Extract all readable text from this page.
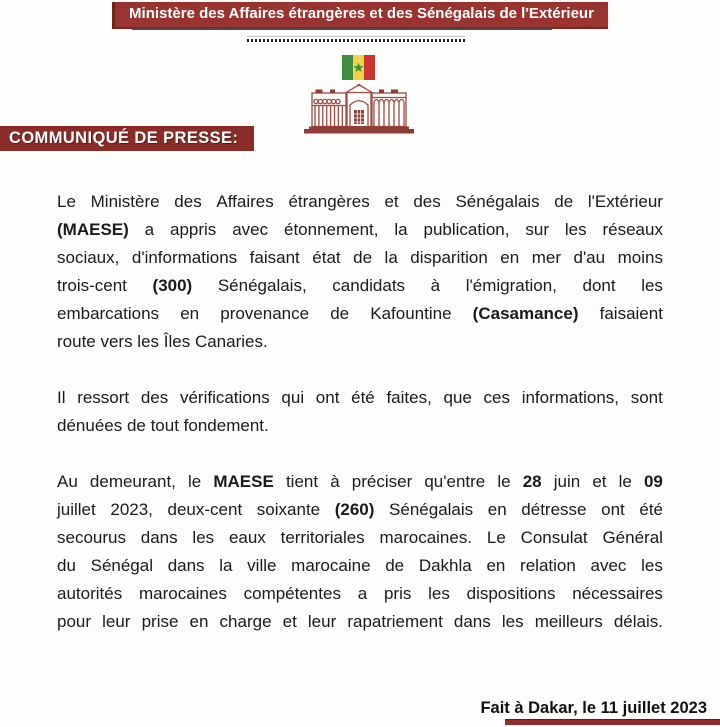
Ministère des Affaires étrangères et des Sénégalais de l'Extérieur
COMMUNIQUÉ DE PRESSE:
Le Ministère des Affaires étrangères et des Sénégalais de l'Extérieur
(MAESE) a appris avec étonnement, la publication, sur les réseaux
sociaux, d'informations faisant état de la disparition en mer d'au moins
trois-cent (300) Sénégalais, candidats à l'émigration, dont les
embarcations en provenance de Kafountine (Casamance) faisaient
route vers les Îles Canaries.
Il ressort des vérifications qui ont été faites, que ces informations, sont
dénuées de tout fondement.
Au demeurant, le MAESE tient à préciser qu'entre le 28 juin et le 09
juillet 2023, deux-cent soixante (260) Sénégalais en détresse ont été
secourus dans les eaux territoriales marocaines. Le Consulat Général
du Sénégal dans la ville marocaine de Dakhla en relation avec les
autorités marocaines compétentes a pris les dispositions nécessaires
pour leur prise en charge et leur rapatriement dans les meilleurs délais.
Fait à Dakar, le 11 juillet 2023
